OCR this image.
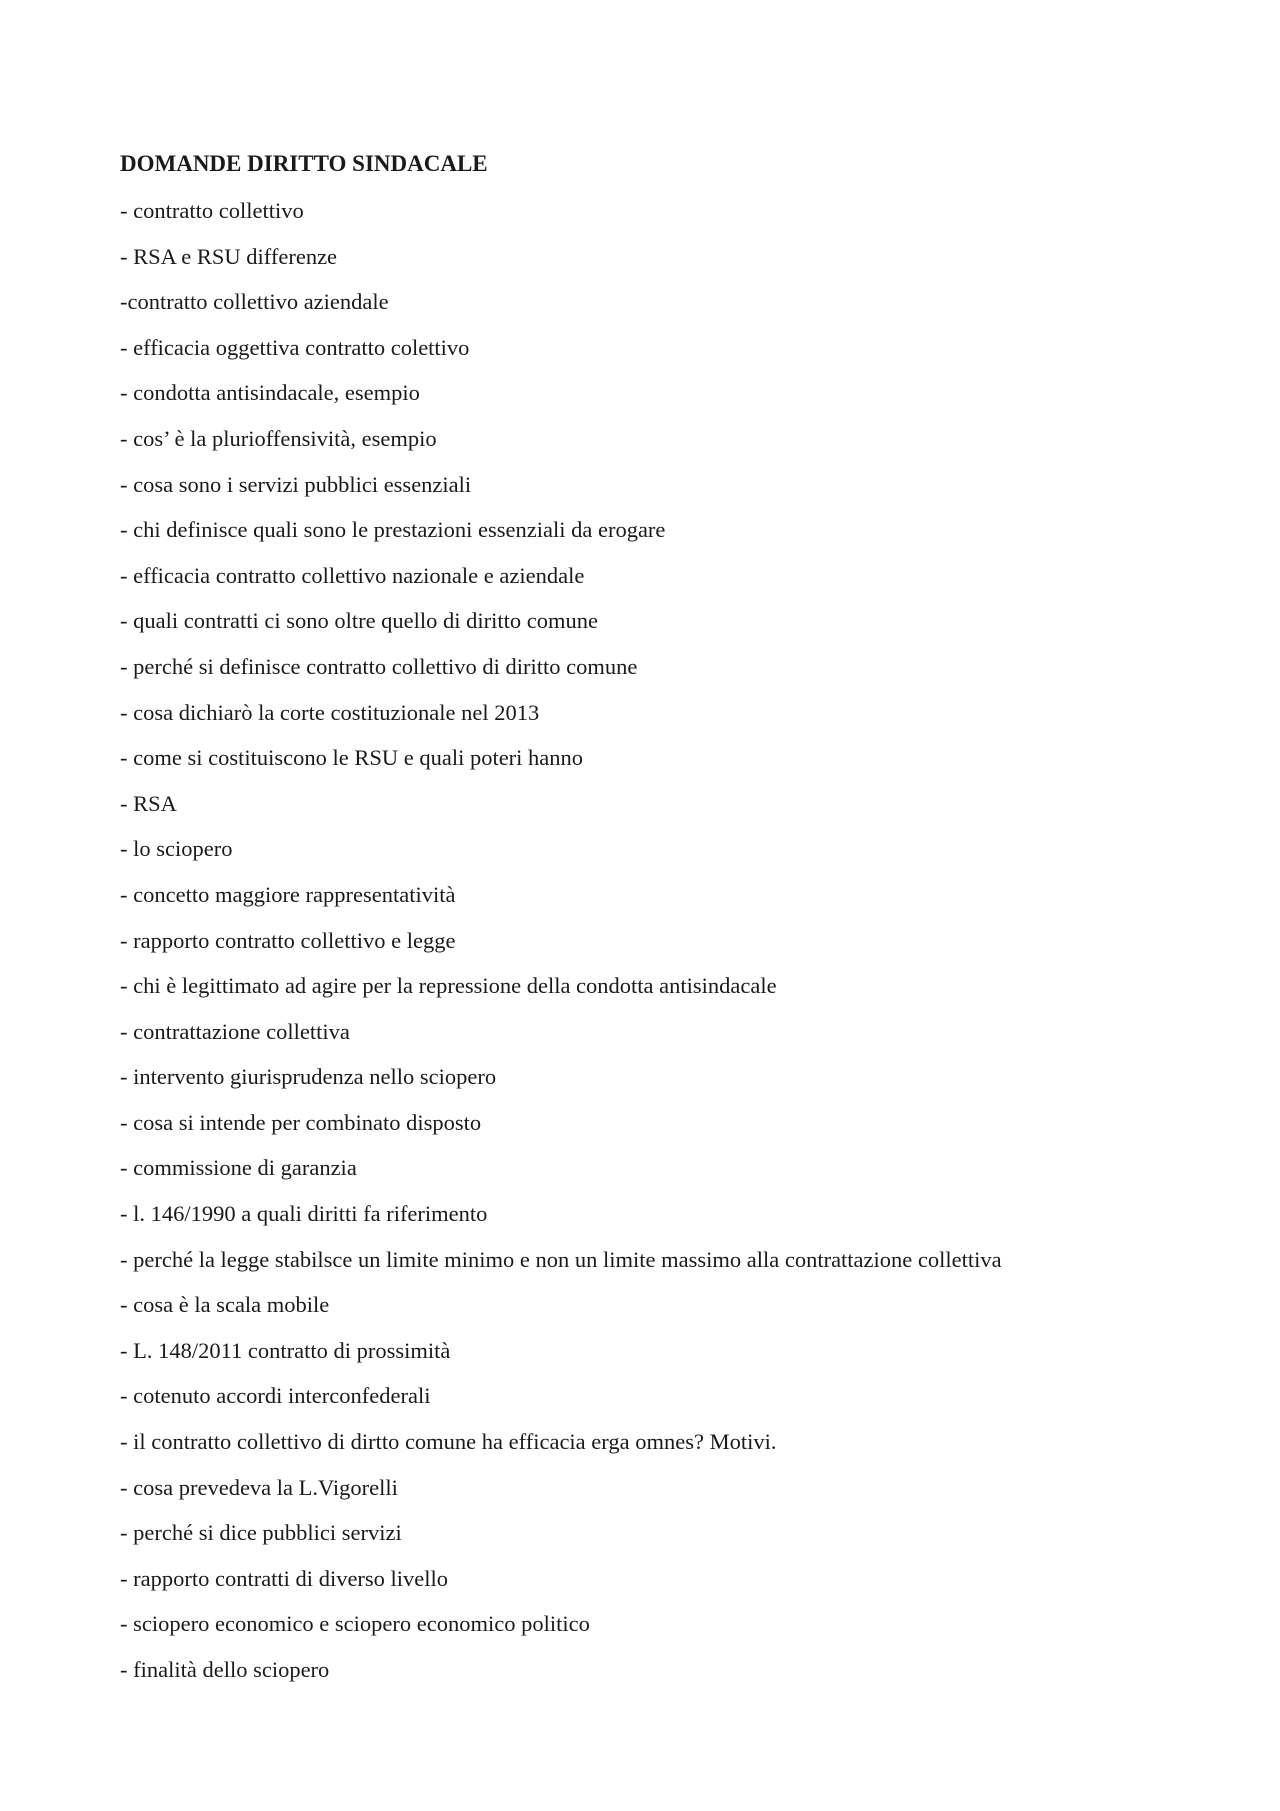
DOMANDE DIRITTO SINDACALE
- contratto collettivo
- RSA e RSU differenze
-contratto collettivo aziendale
- efficacia oggettiva contratto colettivo
- condotta antisindacale, esempio
- cos’ è la plurioffensività, esempio
- cosa sono i servizi pubblici essenziali
- chi definisce quali sono le prestazioni essenziali da erogare
- efficacia contratto collettivo nazionale e aziendale
- quali contratti ci sono oltre quello di diritto comune
- perché si definisce contratto collettivo di diritto comune
- cosa dichiarò la corte costituzionale nel 2013
- come si costituiscono le RSU e quali poteri hanno
- RSA
- lo sciopero
- concetto maggiore rappresentatività
- rapporto contratto collettivo e legge
- chi è legittimato ad agire per la repressione della condotta antisindacale
- contrattazione collettiva
- intervento giurisprudenza nello sciopero
- cosa si intende per combinato disposto
- commissione di garanzia
- l. 146/1990 a quali diritti fa riferimento
- perché la legge stabilsce un limite minimo e non un limite massimo alla contrattazione collettiva
- cosa è la scala mobile
- L. 148/2011 contratto di prossimità
- cotenuto accordi interconfederali
- il contratto collettivo di dirtto comune ha efficacia erga omnes? Motivi.
- cosa prevedeva la L.Vigorelli
- perché si dice pubblici servizi
- rapporto contratti di diverso livello
- sciopero economico e sciopero economico politico
- finalità dello sciopero
